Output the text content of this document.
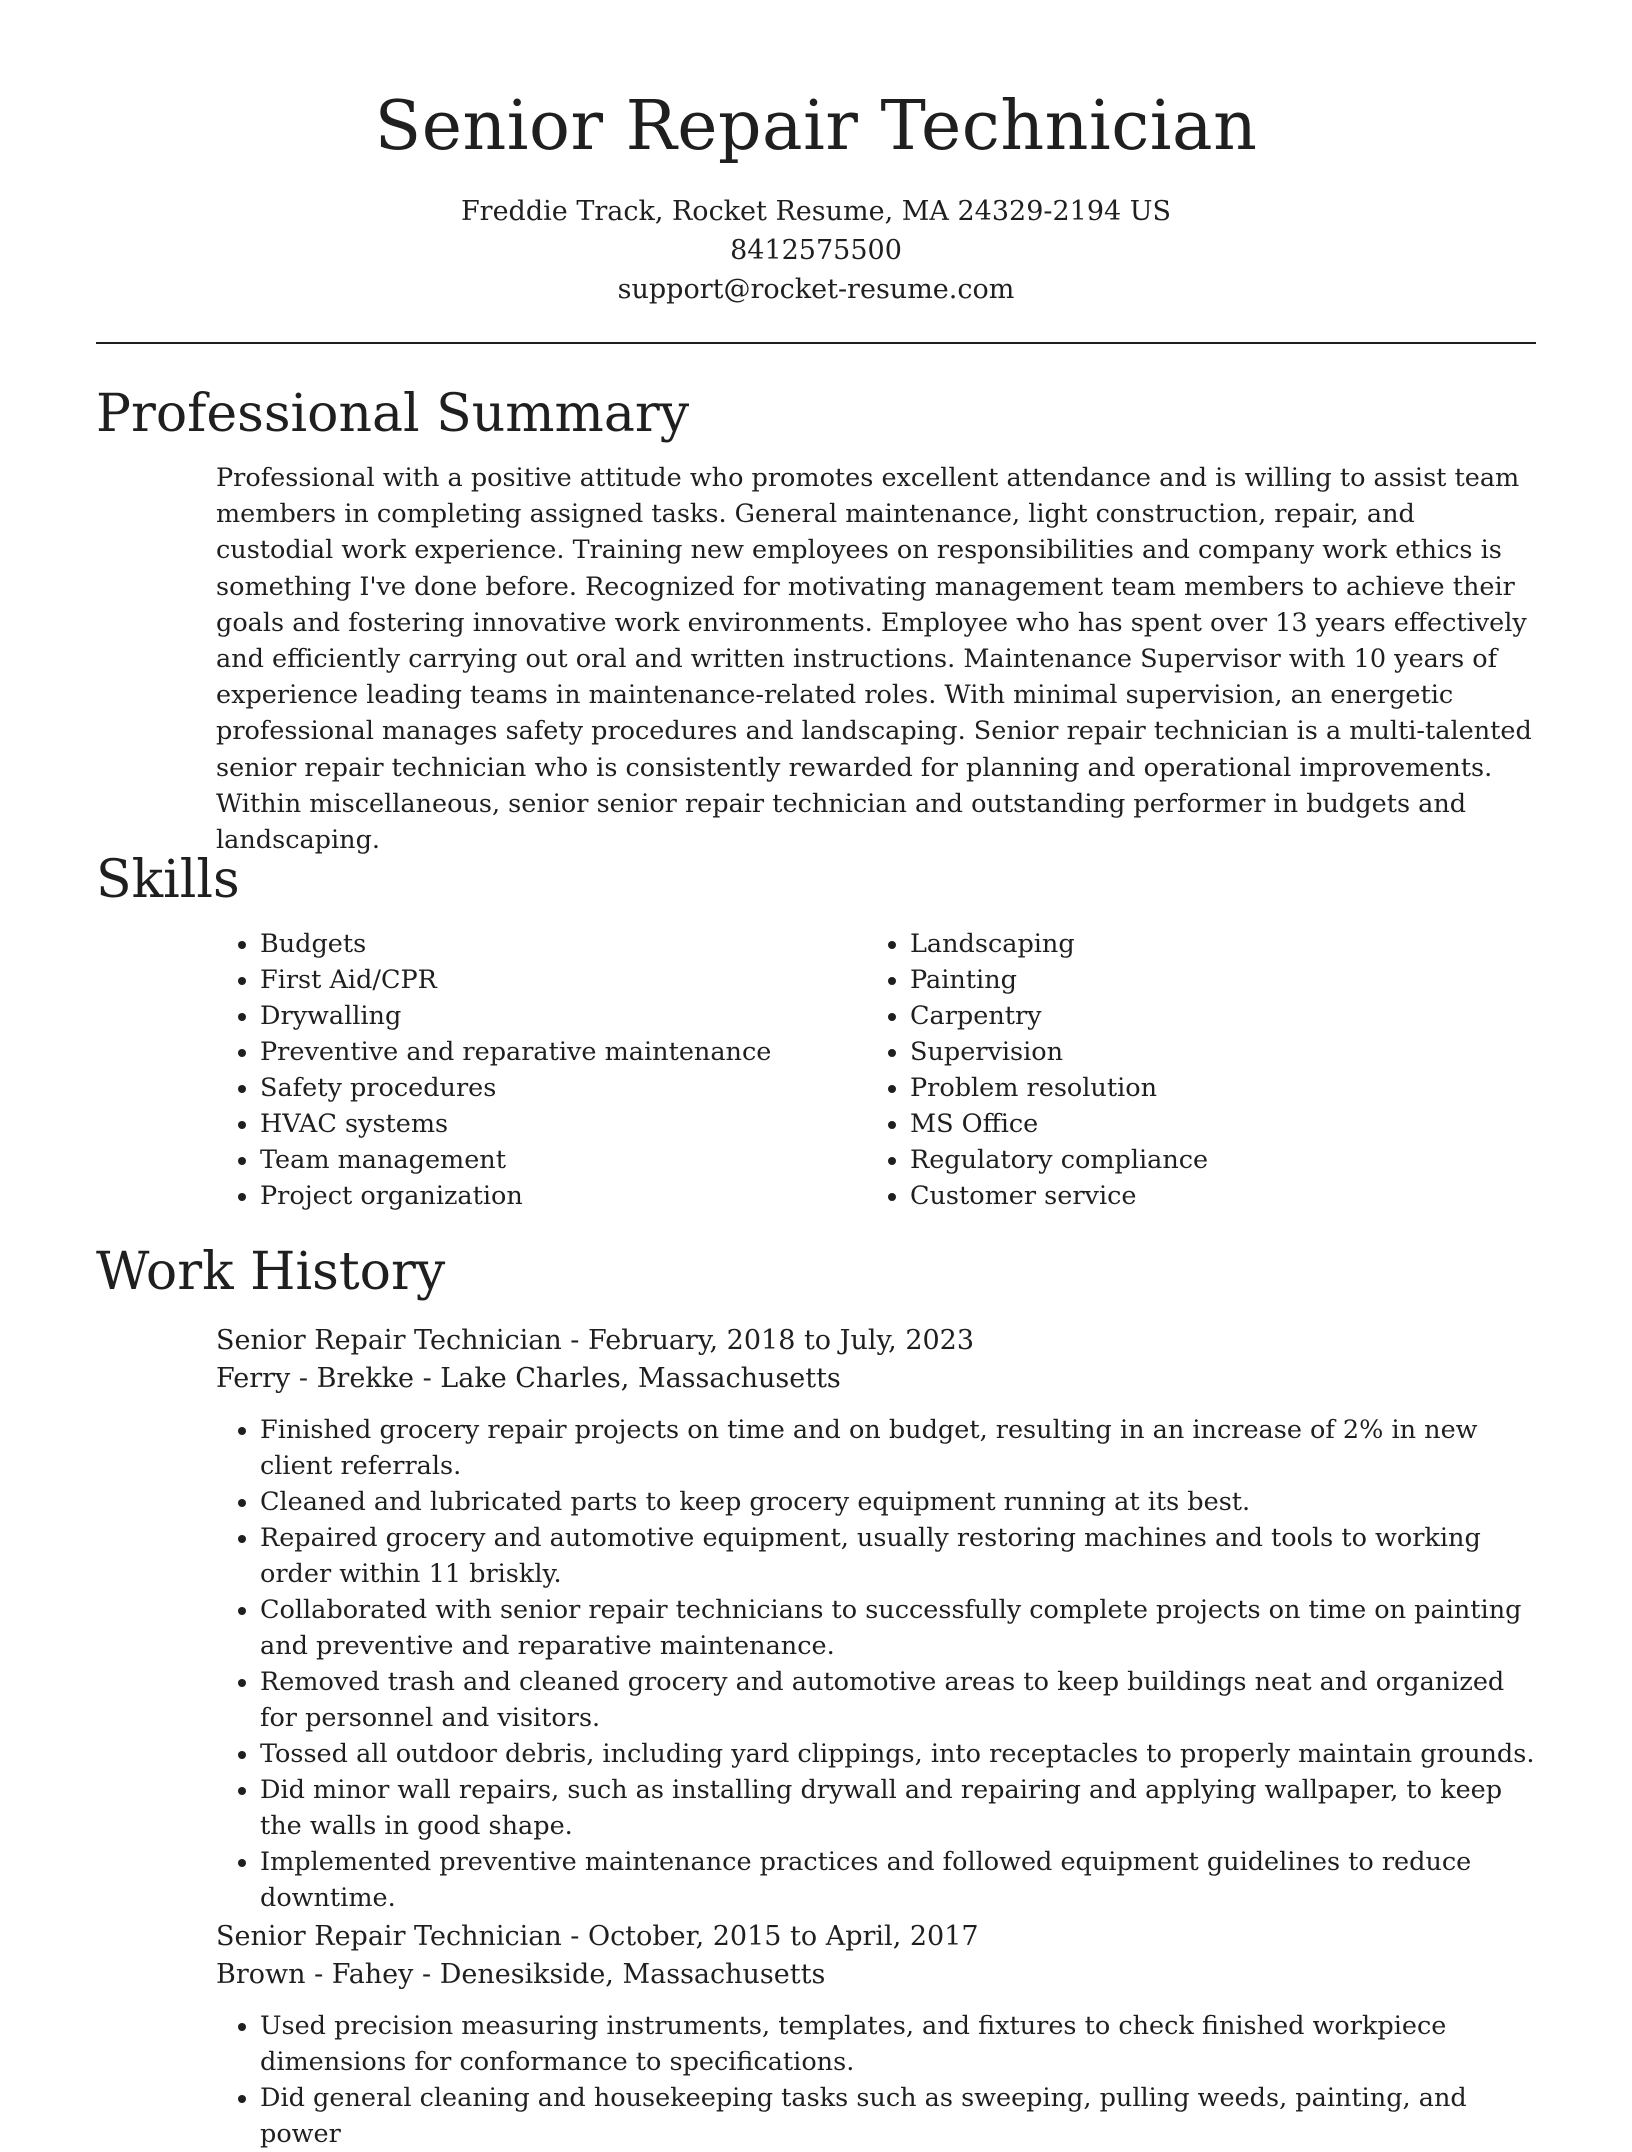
Senior Repair Technician
Freddie Track, Rocket Resume, MA 24329-2194 US
8412575500
support@rocket-resume.com
Professional Summary

Professional with a positive attitude who promotes excellent attendance and is willing to assist team members in completing assigned tasks. General maintenance, light construction, repair, and custodial work experience. Training new employees on responsibilities and company work ethics is something I've done before. Recognized for motivating management team members to achieve their goals and fostering innovative work environments. Employee who has spent over 13 years effectively and efficiently carrying out oral and written instructions. Maintenance Supervisor with 10 years of experience leading teams in maintenance-related roles. With minimal supervision, an energetic professional manages safety procedures and landscaping. Senior repair technician is a multi-talented senior repair technician who is consistently rewarded for planning and operational improvements. Within miscellaneous, senior senior repair technician and outstanding performer in budgets and landscaping.

Skills
• Budgets
• First Aid/CPR
• Drywalling
• Preventive and reparative maintenance
• Safety procedures
• HVAC systems
• Team management
• Project organization
• Landscaping
• Painting
• Carpentry
• Supervision
• Problem resolution
• MS Office
• Regulatory compliance
• Customer service
Work History

Senior Repair Technician - February, 2018 to July, 2023

Ferry - Brekke - Lake Charles, Massachusetts

• Finished grocery repair projects on time and on budget, resulting in an increase of 2% in new client referrals.
• Cleaned and lubricated parts to keep grocery equipment running at its best.
• Repaired grocery and automotive equipment, usually restoring machines and tools to working order within 11 briskly.
• Collaborated with senior repair technicians to successfully complete projects on time on painting and preventive and reparative maintenance.
• Removed trash and cleaned grocery and automotive areas to keep buildings neat and organized for personnel and visitors.
• Tossed all outdoor debris, including yard clippings, into receptacles to properly maintain grounds.
• Did minor wall repairs, such as installing drywall and repairing and applying wallpaper, to keep the walls in good shape.
• Implemented preventive maintenance practices and followed equipment guidelines to reduce downtime.

Senior Repair Technician - October, 2015 to April, 2017

Brown - Fahey - Denesikside, Massachusetts

• Used precision measuring instruments, templates, and fixtures to check finished workpiece dimensions for conformance to specifications.
• Did general cleaning and housekeeping tasks such as sweeping, pulling weeds, painting, and power
